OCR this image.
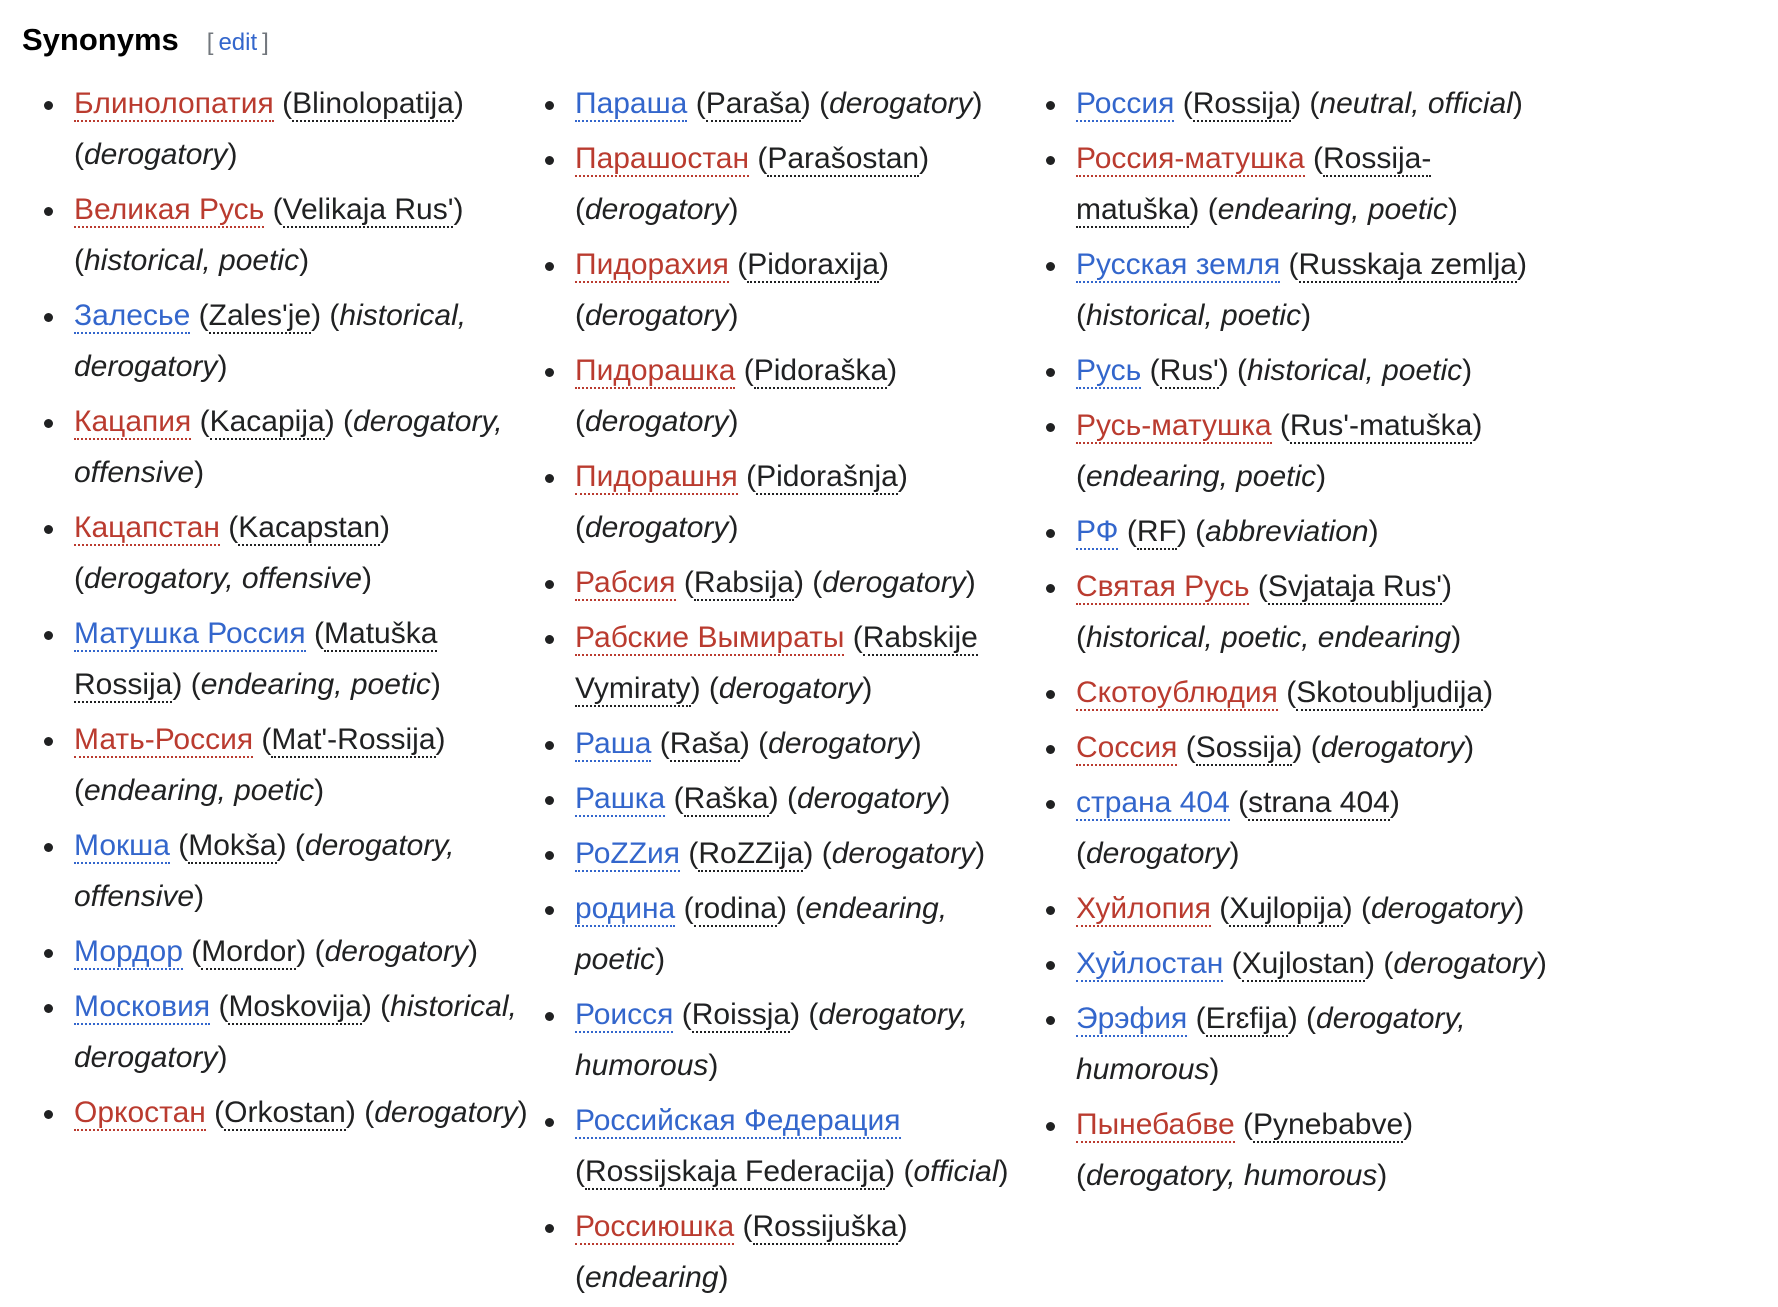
Synonyms [ edit ]
Блинолопатия (Blinolopatija) (derogatory)
Великая Русь (Velikaja Rusʹ) (historical, poetic)
Залесье (Zalesʹje) (historical, derogatory)
Кацапия (Kacapija) (derogatory, offensive)
Кацапстан (Kacapstan) (derogatory, offensive)
Матушка Россия (Matuška Rossija) (endearing, poetic)
Мать-Россия (Matʹ-Rossija) (endearing, poetic)
Мокша (Mokša) (derogatory, offensive)
Мордор (Mordor) (derogatory)
Московия (Moskovija) (historical, derogatory)
Оркостан (Orkostan) (derogatory)
Параша (Paraša) (derogatory)
Парашостан (Parašostan) (derogatory)
Пидорахия (Pidoraxija) (derogatory)
Пидорашка (Pidoraška) (derogatory)
Пидорашня (Pidorašnja) (derogatory)
Рабсия (Rabsija) (derogatory)
Рабские Вымираты (Rabskije Vymiraty) (derogatory)
Раша (Raša) (derogatory)
Рашка (Raška) (derogatory)
РоZZия (RoZZija) (derogatory)
родина (rodina) (endearing, poetic)
Роисся (Roissja) (derogatory, humorous)
Российская Федерация (Rossijskaja Federacija) (official)
Россиюшка (Rossijuška) (endearing)
Россия (Rossija) (neutral, official)
Россия-матушка (Rossija-matuška) (endearing, poetic)
Русская земля (Russkaja zemlja) (historical, poetic)
Русь (Rusʹ) (historical, poetic)
Русь-матушка (Rusʹ-matuška) (endearing, poetic)
РФ (RF) (abbreviation)
Святая Русь (Svjataja Rusʹ) (historical, poetic, endearing)
Скотоублюдия (Skotoubljudija)
Соссия (Sossija) (derogatory)
страна 404 (strana 404) (derogatory)
Хуйлопия (Xujlopija) (derogatory)
Хуйлостан (Xujlostan) (derogatory)
Эрэфия (Erɛfija) (derogatory, humorous)
Пынебабве (Pynebabve) (derogatory, humorous)
